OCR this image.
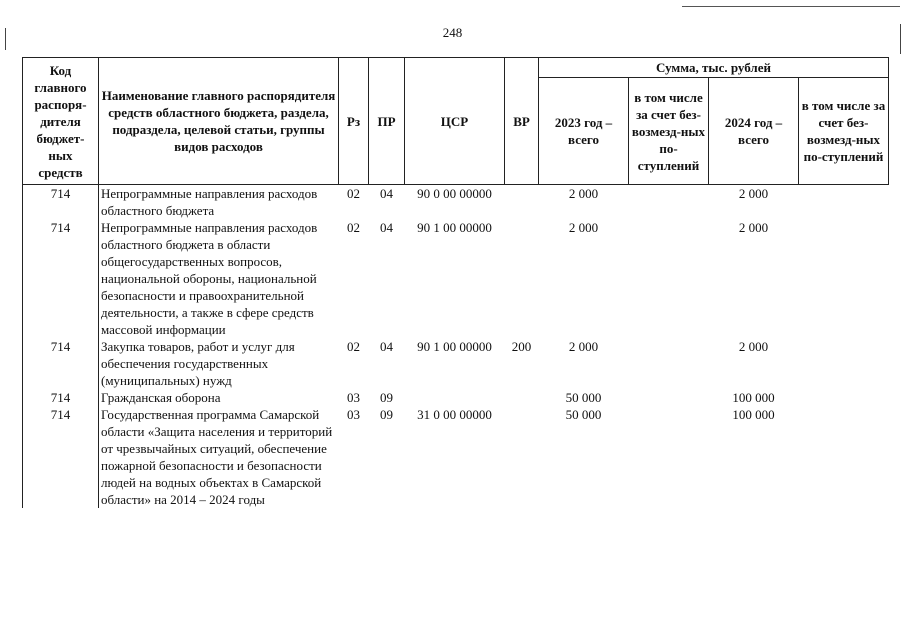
248
Код главного распоря-дителя бюджет-ных средств	Наименование главного распорядителя средств областного бюджета, раздела, подраздела, целевой статьи, группы видов расходов	Рз	ПР	ЦСР	ВР	Сумма, тыс. рублей			
						2023 год – всего	в том числе за счет без-возмезд-ных по-ступлений	2024 год – всего	в том числе за счет без-возмезд-ных по-ступлений
714	Непрограммные направления расходов областного бюджета	02	04	90 0 00 00000		2 000		2 000	
714	Непрограммные направления расходов областного бюджета в области общегосударственных вопросов, национальной обороны, национальной безопасности и правоохранительной деятельности, а также в сфере средств массовой информации	02	04	90 1 00 00000		2 000		2 000	
714	Закупка товаров, работ и услуг для обеспечения государственных (муниципальных) нужд	02	04	90 1 00 00000	200	2 000		2 000	
714	Гражданская оборона	03	09			50 000		100 000	
714	Государственная программа Самарской области «Защита населения и территорий от чрезвычайных ситуаций, обеспечение пожарной безопасности и безопасности людей на водных объектах в Самарской области» на 2014 – 2024 годы	03	09	31 0 00 00000		50 000		100 000	
